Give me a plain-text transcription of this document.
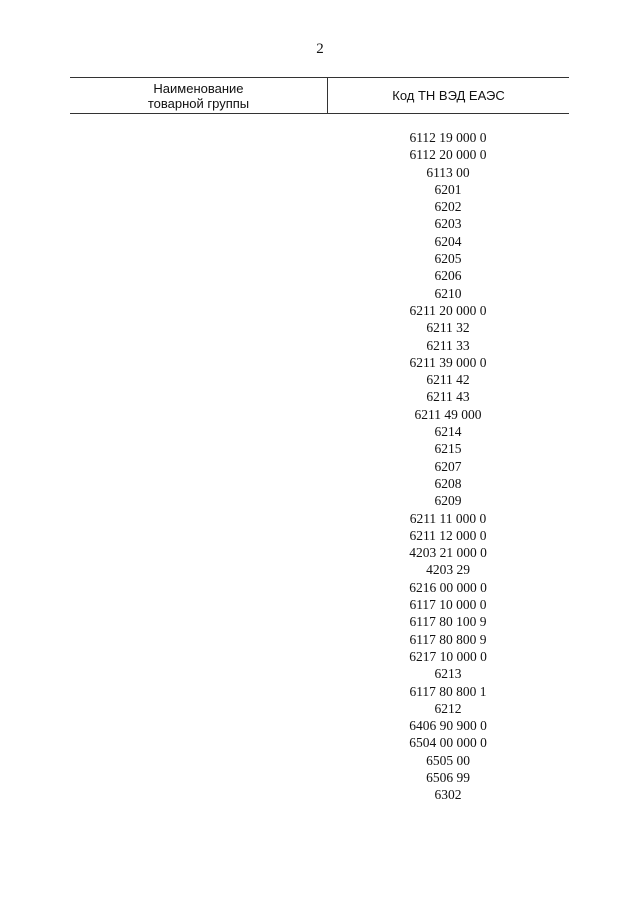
2
Наименование
товарной группы	Код ТН ВЭД ЕАЭС
6112 19 000 0
6112 20 000 0
6113 00
6201
6202
6203
6204
6205
6206
6210
6211 20 000 0
6211 32
6211 33
6211 39 000 0
6211 42
6211 43
6211 49 000
6214
6215
6207
6208
6209
6211 11 000 0
6211 12 000 0
4203 21 000 0
4203 29
6216 00 000 0
6117 10 000 0
6117 80 100 9
6117 80 800 9
6217 10 000 0
6213
6117 80 800 1
6212
6406 90 900 0
6504 00 000 0
6505 00
6506 99
6302
